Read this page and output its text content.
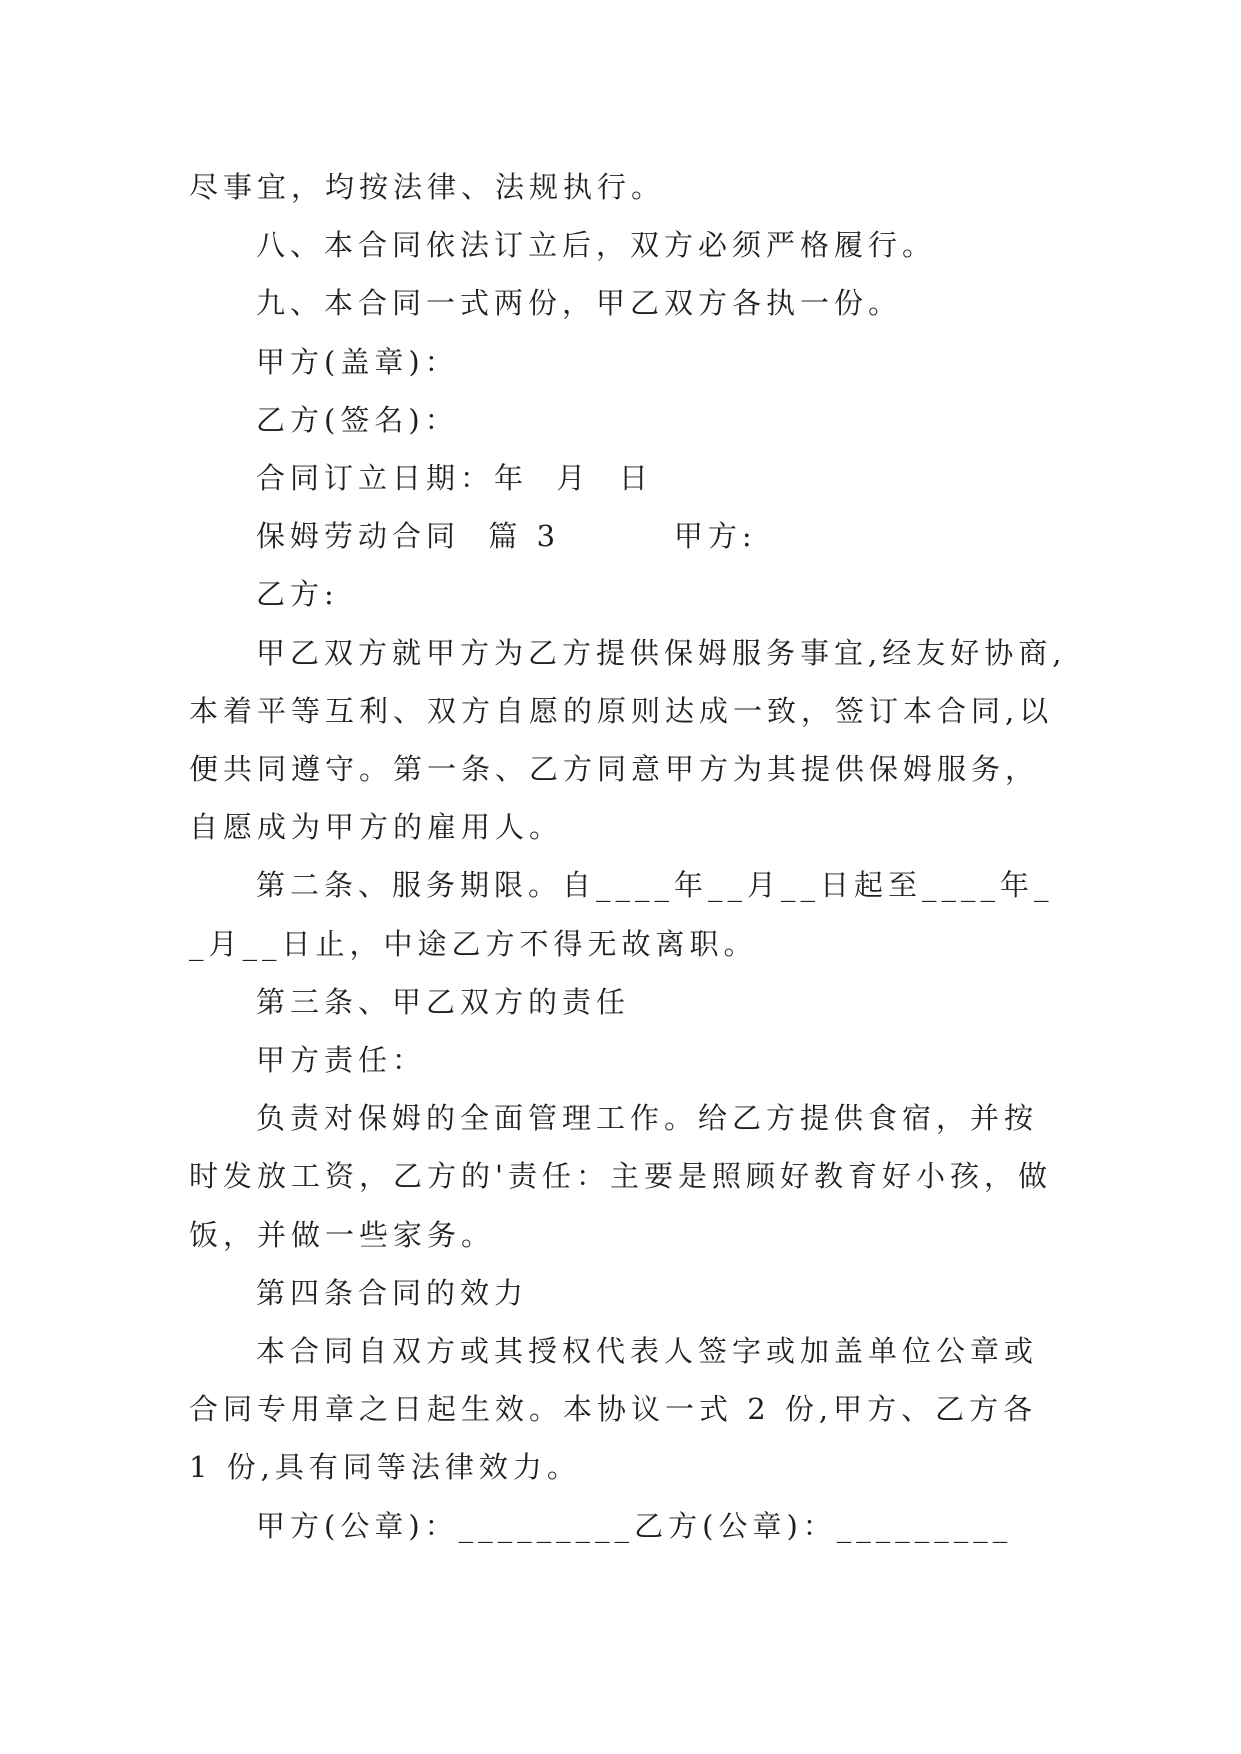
尽事宜，均按法律、法规执行。

八、本合同依法订立后，双方必须严格履行。

九、本合同一式两份，甲乙双方各执一份。

甲方(盖章)：

乙方(签名)：

合同订立日期：年  月  日

保姆劳动合同  篇 3        甲方:

乙方:

甲乙双方就甲方为乙方提供保姆服务事宜,经友好协商,本着平等互利、双方自愿的原则达成一致，签订本合同,以便共同遵守。第一条、乙方同意甲方为其提供保姆服务，自愿成为甲方的雇用人。

第二条、服务期限。自____年__月__日起至____年__月__日止，中途乙方不得无故离职。

第三条、甲乙双方的责任

甲方责任：

负责对保姆的全面管理工作。给乙方提供食宿，并按时发放工资，乙方的'责任：主要是照顾好教育好小孩，做饭，并做一些家务。

第四条合同的效力

本合同自双方或其授权代表人签字或加盖单位公章或合同专用章之日起生效。本协议一式 2 份,甲方、乙方各 1 份,具有同等法律效力。

甲方(公章)：_________乙方(公章)：_________
